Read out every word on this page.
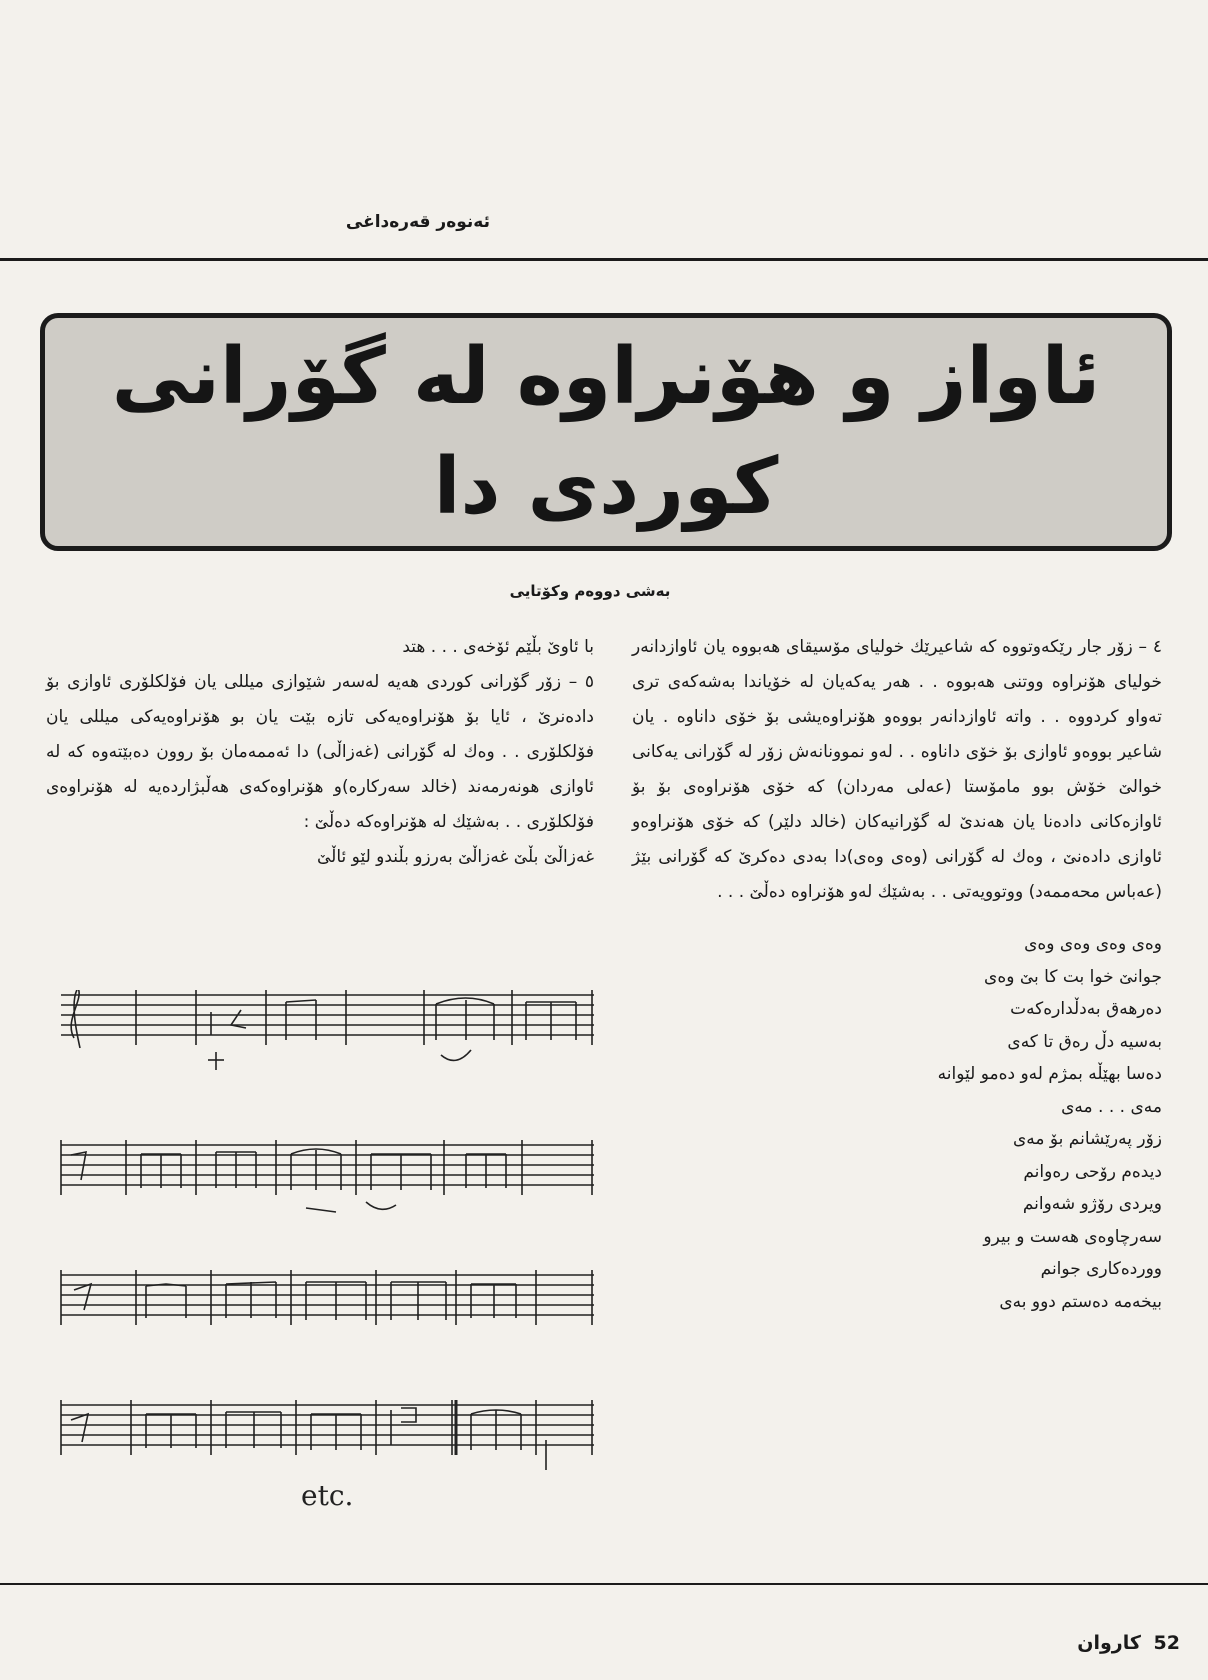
ئەنوەر قەرەداغی
ئاواز و هۆنراوه له گۆرانی
كوردی دا
بەشی دووەم وكۆتایی

٤ – زۆر جار رێكەوتووە كە شاعیرێك خولیای مۆسیقای هەبووە یان ئاوازدانەر خولیای هۆنراوە ووتنی هەبووە . . هەر یەكەیان لە خۆیاندا بەشەكەی تری تەواو كردووە . . واتە ئاوازدانەر بووەو هۆنراوەیشی بۆ خۆی داناوە . یان شاعیر بووەو ئاوازی بۆ خۆی داناوە . . لەو نموونانەش زۆر لە گۆرانی یەكانی خوالێ خۆش بوو مامۆستا (عەلی مەردان) كە خۆی هۆنراوەی بۆ بۆ ئاوازەكانی دادەنا یان هەندێ لە گۆرانیەكان (خالد دلێر) كە خۆی هۆنراوەو ئاوازی دادەنێ ، وەك لە گۆرانی (وەی وەی)دا بەدی دەكرێ كە گۆرانی بێژ (عەباس محەممەد) ووتوویەتی . . بەشێك لەو هۆنراوە دەڵێ . . .

وەی وەی وەی وەی
جوانێ خوا بت كا بێ وەی
دەرهەق بەدڵدارەكەت
بەسیە دڵ رەق تا كەی
دەسا بهێڵە بمژم لەو دەمو لێوانە
مەی . . . مەی
زۆر پەرێشانم بۆ مەی
دیدەم رۆحی رەوانم
ویردی رۆژو شەوانم
سەرچاوەی هەست و بیرو
ووردەكاری جوانم
بیخەمە دەستم دوو بەی

با ئاوێ بڵێم ئۆخەی . . . هتد

٥ – زۆر گۆرانی كوردی هەیە لەسەر شێوازی میللی یان فۆلكلۆری ئاوازی بۆ دادەنرێ ، ئایا بۆ هۆنراوەیەكی تازە بێت یان بو هۆنراوەیەكی میللی یان فۆلكلۆری . . وەك لە گۆرانی (غەزاڵی) دا ئەممەمان بۆ روون دەبێتەوە كە لە ئاوازی هونەرمەند (خالد سەركارە)و هۆنراوەكەی هەڵبژاردەیە لە هۆنراوەی فۆلكلۆری . . بەشێك لە هۆنراوەكە دەڵێ :

غەزاڵێ بڵێ غەزاڵێ بەرزو بڵندو لێو ئاڵێ

etc.
52 كاروان
